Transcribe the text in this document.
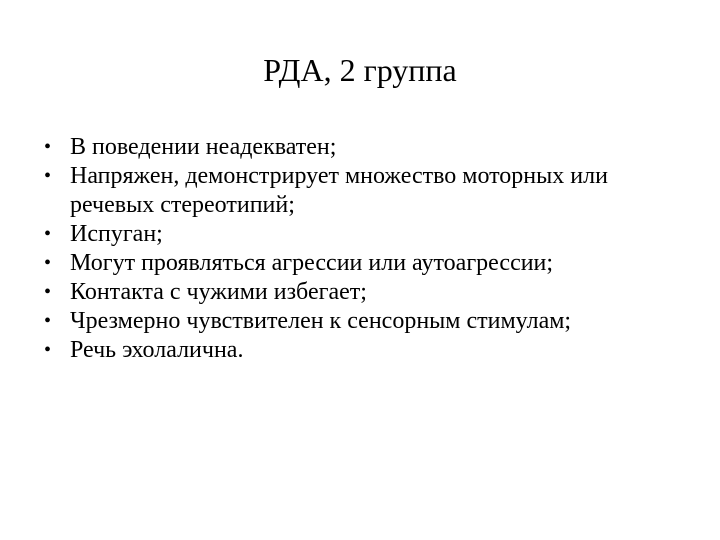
РДА, 2 группа
• В поведении неадекватен;
• Напряжен, демонстрирует множество моторных или речевых стереотипий;
• Испуган;
• Могут проявляться агрессии или аутоагрессии;
• Контакта с чужими избегает;
• Чрезмерно чувствителен к сенсорным стимулам;
• Речь эхолалична.
